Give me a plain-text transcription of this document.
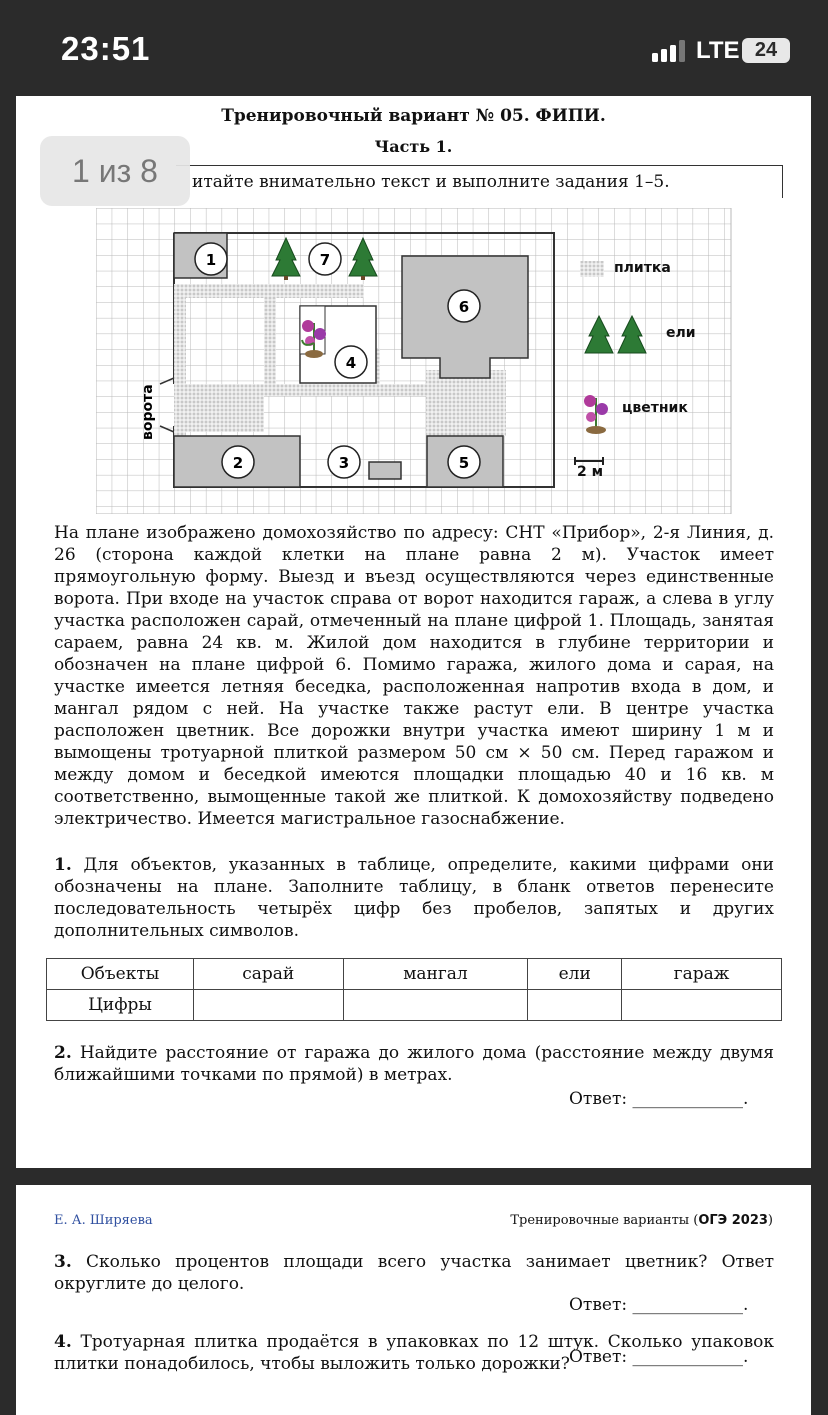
23:51	LTE 24
1 из 8
Тренировочный вариант № 05. ФИПИ.
Часть 1.
итайте внимательно текст и выполните задания 1–5.
1	7
6
4
2	3	5
ворота
плитка
ели
цветник
2 м
На плане изображено домохозяйство по адресу: СНТ «Прибор», 2-я Линия, д. 26 (сторона каждой клетки на плане равна 2 м). Участок имеет прямоугольную форму. Выезд и въезд осуществляются через единственные ворота. При входе на участок справа от ворот находится гараж, а слева в углу участка расположен сарай, отмеченный на плане цифрой 1. Площадь, занятая сараем, равна 24 кв. м. Жилой дом находится в глубине территории и обозначен на плане цифрой 6. Помимо гаража, жилого дома и сарая, на участке имеется летняя беседка, расположенная напротив входа в дом, и мангал рядом с ней. На участке также растут ели. В центре участка расположен цветник. Все дорожки внутри участка имеют ширину 1 м и вымощены тротуарной плиткой размером 50 см × 50 см. Перед гаражом и между домом и беседкой имеются площадки площадью 40 и 16 кв. м соответственно, вымощенные такой же плиткой. К домохозяйству подведено электричество. Имеется магистральное газоснабжение.
1. Для объектов, указанных в таблице, определите, какими цифрами они обозначены на плане. Заполните таблицу, в бланк ответов перенесите последовательность четырёх цифр без пробелов, запятых и других дополнительных символов.
Объекты	сарай	мангал	ели	гараж
Цифры				
2. Найдите расстояние от гаража до жилого дома (расстояние между двумя ближайшими точками по прямой) в метрах.
Ответ: _____________.
Е. А. Ширяева	Тренировочные варианты (ОГЭ 2023)
3. Сколько процентов площади всего участка занимает цветник? Ответ округлите до целого.
Ответ: _____________.
4. Тротуарная плитка продаётся в упаковках по 12 штук. Сколько упаковок плитки понадобилось, чтобы выложить только дорожки? Ответ: _____________.
